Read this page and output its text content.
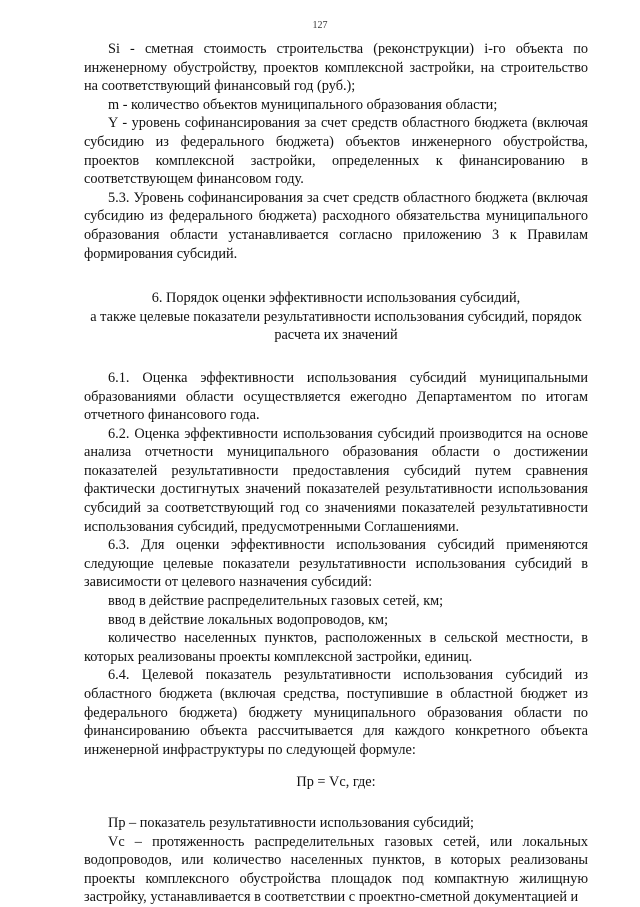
127

Si - сметная стоимость строительства (реконструкции) i-го объекта по инженерному обустройству, проектов комплексной застройки, на строительство на соответствующий финансовый год (руб.);

m - количество объектов муниципального образования области;

Y - уровень софинансирования за счет средств областного бюджета (включая субсидию из федерального бюджета) объектов инженерного обустройства, проектов комплексной застройки, определенных к финансированию в соответствующем финансовом году.

5.3. Уровень софинансирования за счет средств областного бюджета (включая субсидию из федерального бюджета) расходного обязательства муниципального образования области устанавливается согласно приложению 3 к Правилам формирования субсидий.

6. Порядок оценки эффективности использования субсидий,
а также целевые показатели результативности использования субсидий, порядок расчета их значений

6.1. Оценка эффективности использования субсидий муниципальными образованиями области осуществляется ежегодно Департаментом по итогам отчетного финансового года.

6.2. Оценка эффективности использования субсидий производится на основе анализа отчетности муниципального образования области о достижении показателей результативности предоставления субсидий путем сравнения фактически достигнутых значений показателей результативности использования субсидий за соответствующий год со значениями показателей результативности использования субсидий, предусмотренными Соглашениями.

6.3. Для оценки эффективности использования субсидий применяются следующие целевые показатели результативности использования субсидий в зависимости от целевого назначения субсидий:

ввод в действие распределительных газовых сетей, км;

ввод в действие локальных водопроводов, км;

количество населенных пунктов, расположенных в сельской местности, в которых реализованы проекты комплексной застройки, единиц.

6.4. Целевой показатель результативности использования субсидий из областного бюджета (включая средства, поступившие в областной бюджет из федерального бюджета) бюджету муниципального образования области по финансированию объекта рассчитывается для каждого конкретного объекта инженерной инфраструктуры по следующей формуле:

Пр = Vc, где:

Пр – показатель результативности использования субсидий;

Vc – протяженность распределительных газовых сетей, или локальных водопроводов, или количество населенных пунктов, в которых реализованы проекты комплексного обустройства площадок под компактную жилищную застройку, устанавливается в соответствии с проектно-сметной документацией и
